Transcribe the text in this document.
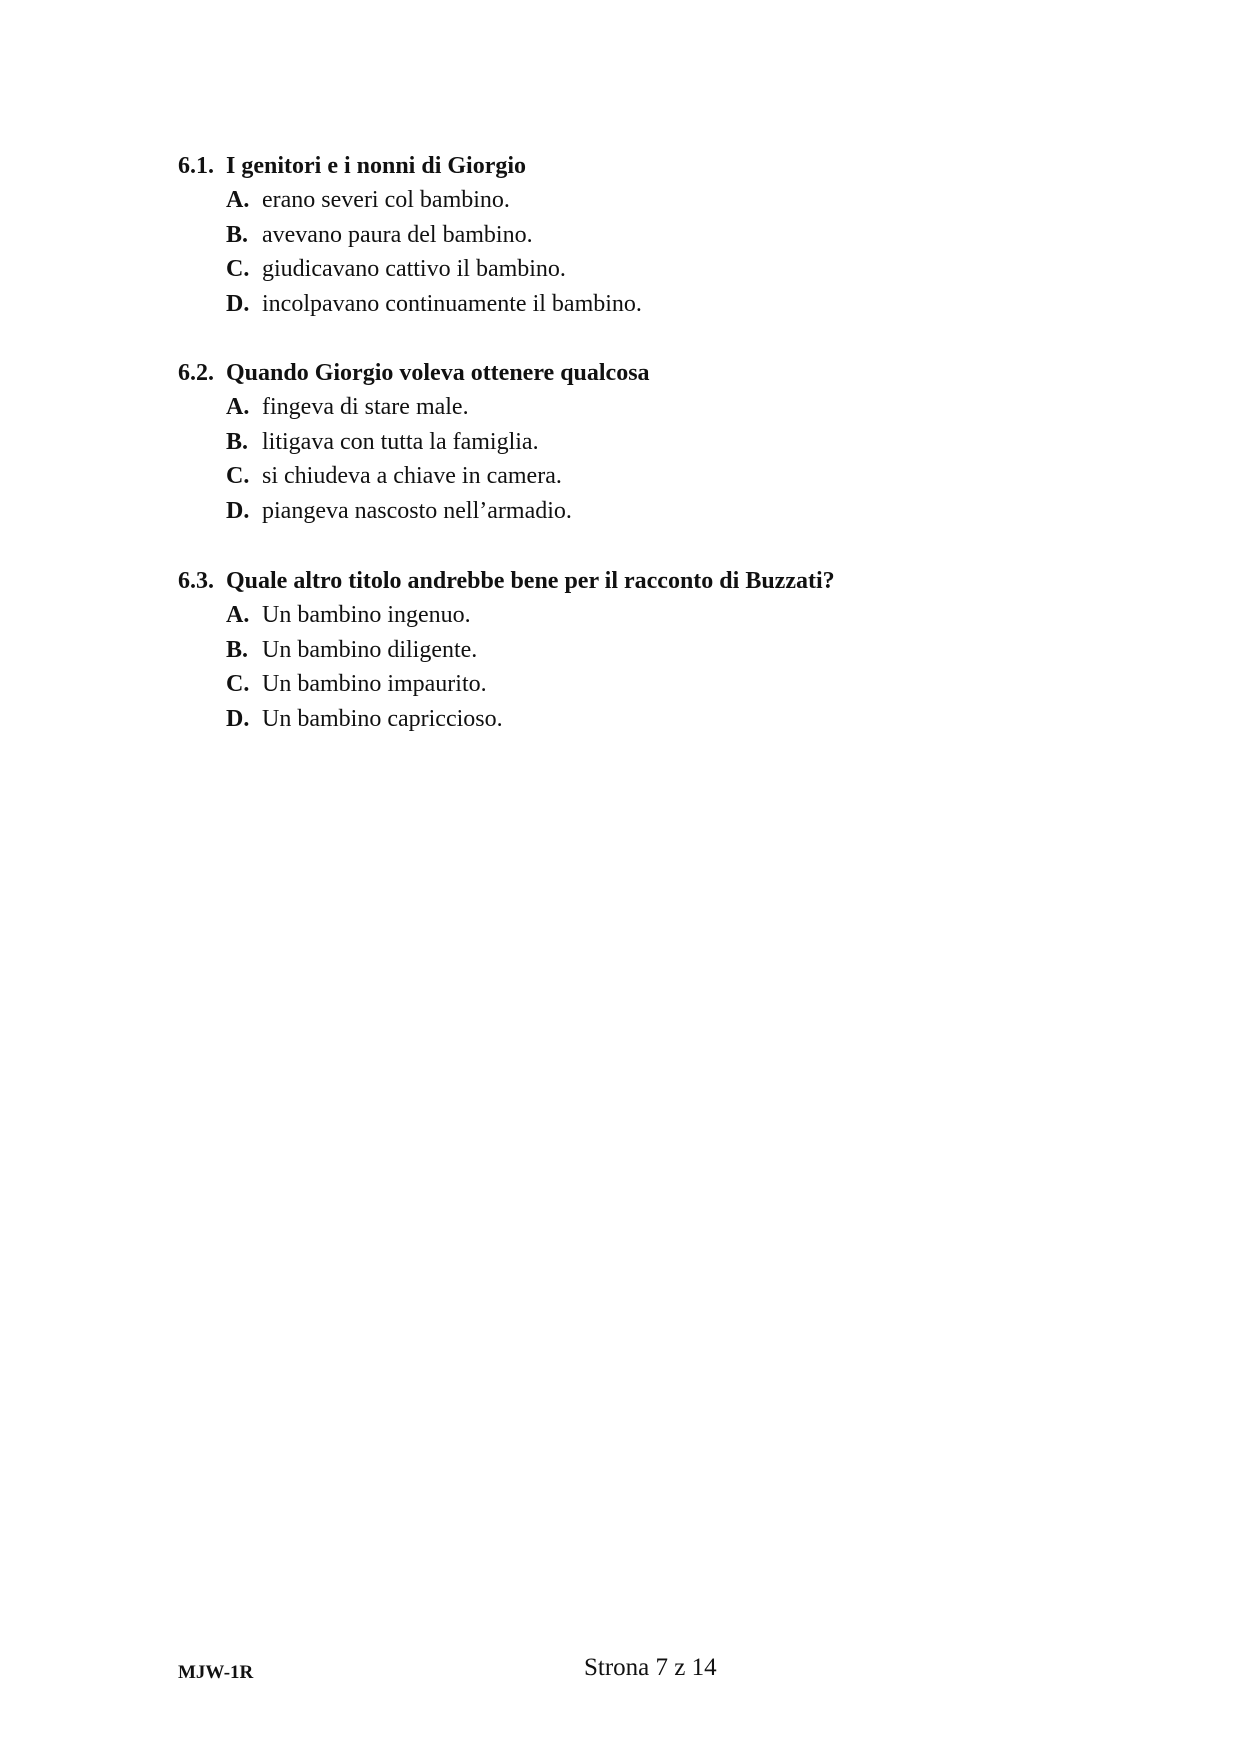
6.1. I genitori e i nonni di Giorgio
A. erano severi col bambino.
B. avevano paura del bambino.
C. giudicavano cattivo il bambino.
D. incolpavano continuamente il bambino.
6.2. Quando Giorgio voleva ottenere qualcosa
A. fingeva di stare male.
B. litigava con tutta la famiglia.
C. si chiudeva a chiave in camera.
D. piangeva nascosto nell’armadio.
6.3. Quale altro titolo andrebbe bene per il racconto di Buzzati?
A. Un bambino ingenuo.
B. Un bambino diligente.
C. Un bambino impaurito.
D. Un bambino capriccioso.
MJW-1R	Strona 7 z 14
